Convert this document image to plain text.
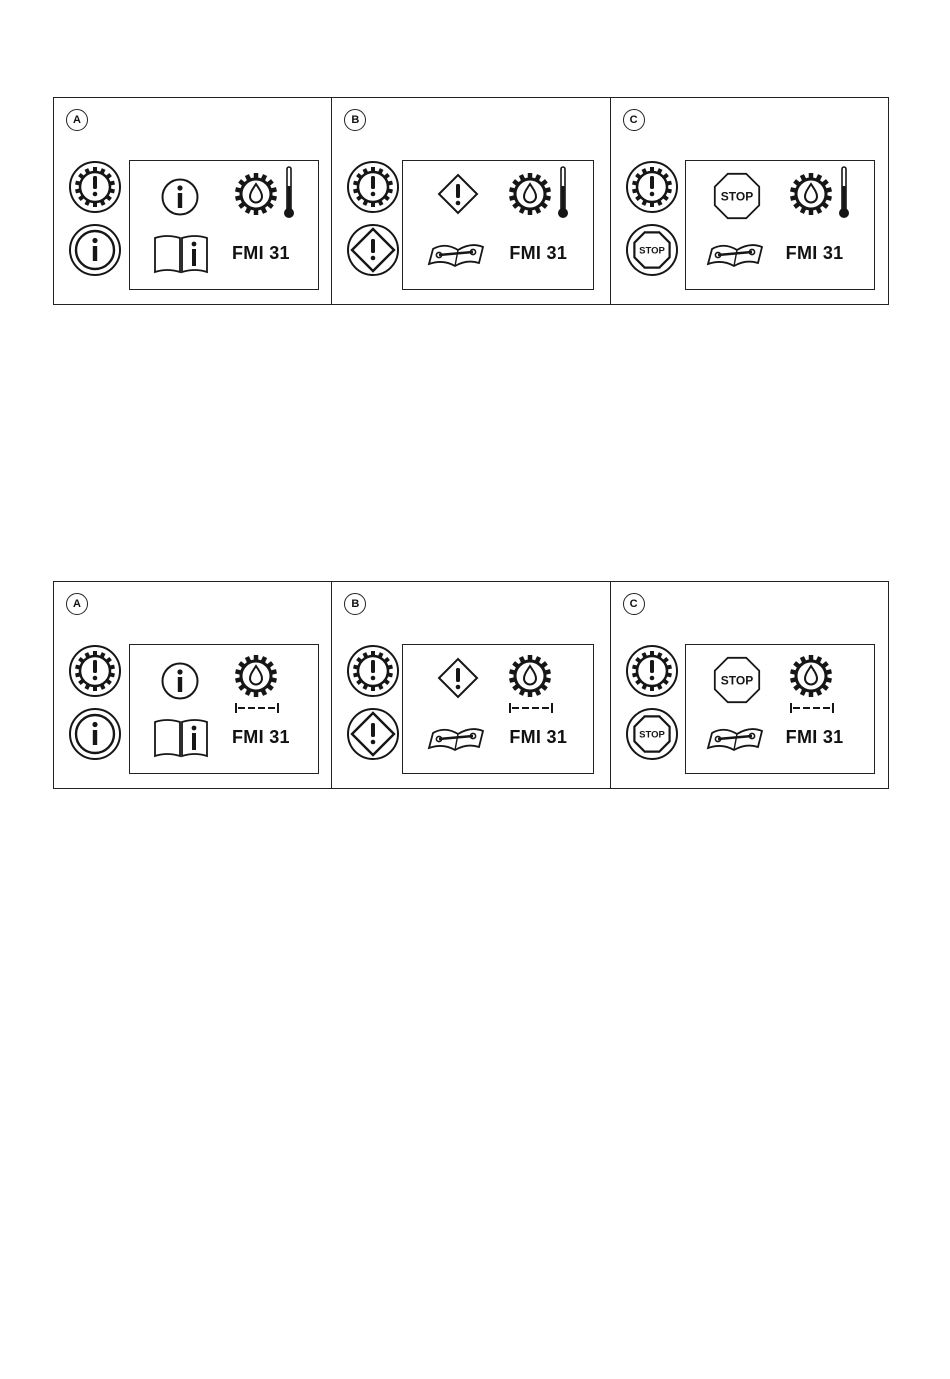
A
FMI 31
B
FMI 31
C
STOP
STOP
FMI 31
A
FMI 31
B
FMI 31
C
STOP
STOP
FMI 31
